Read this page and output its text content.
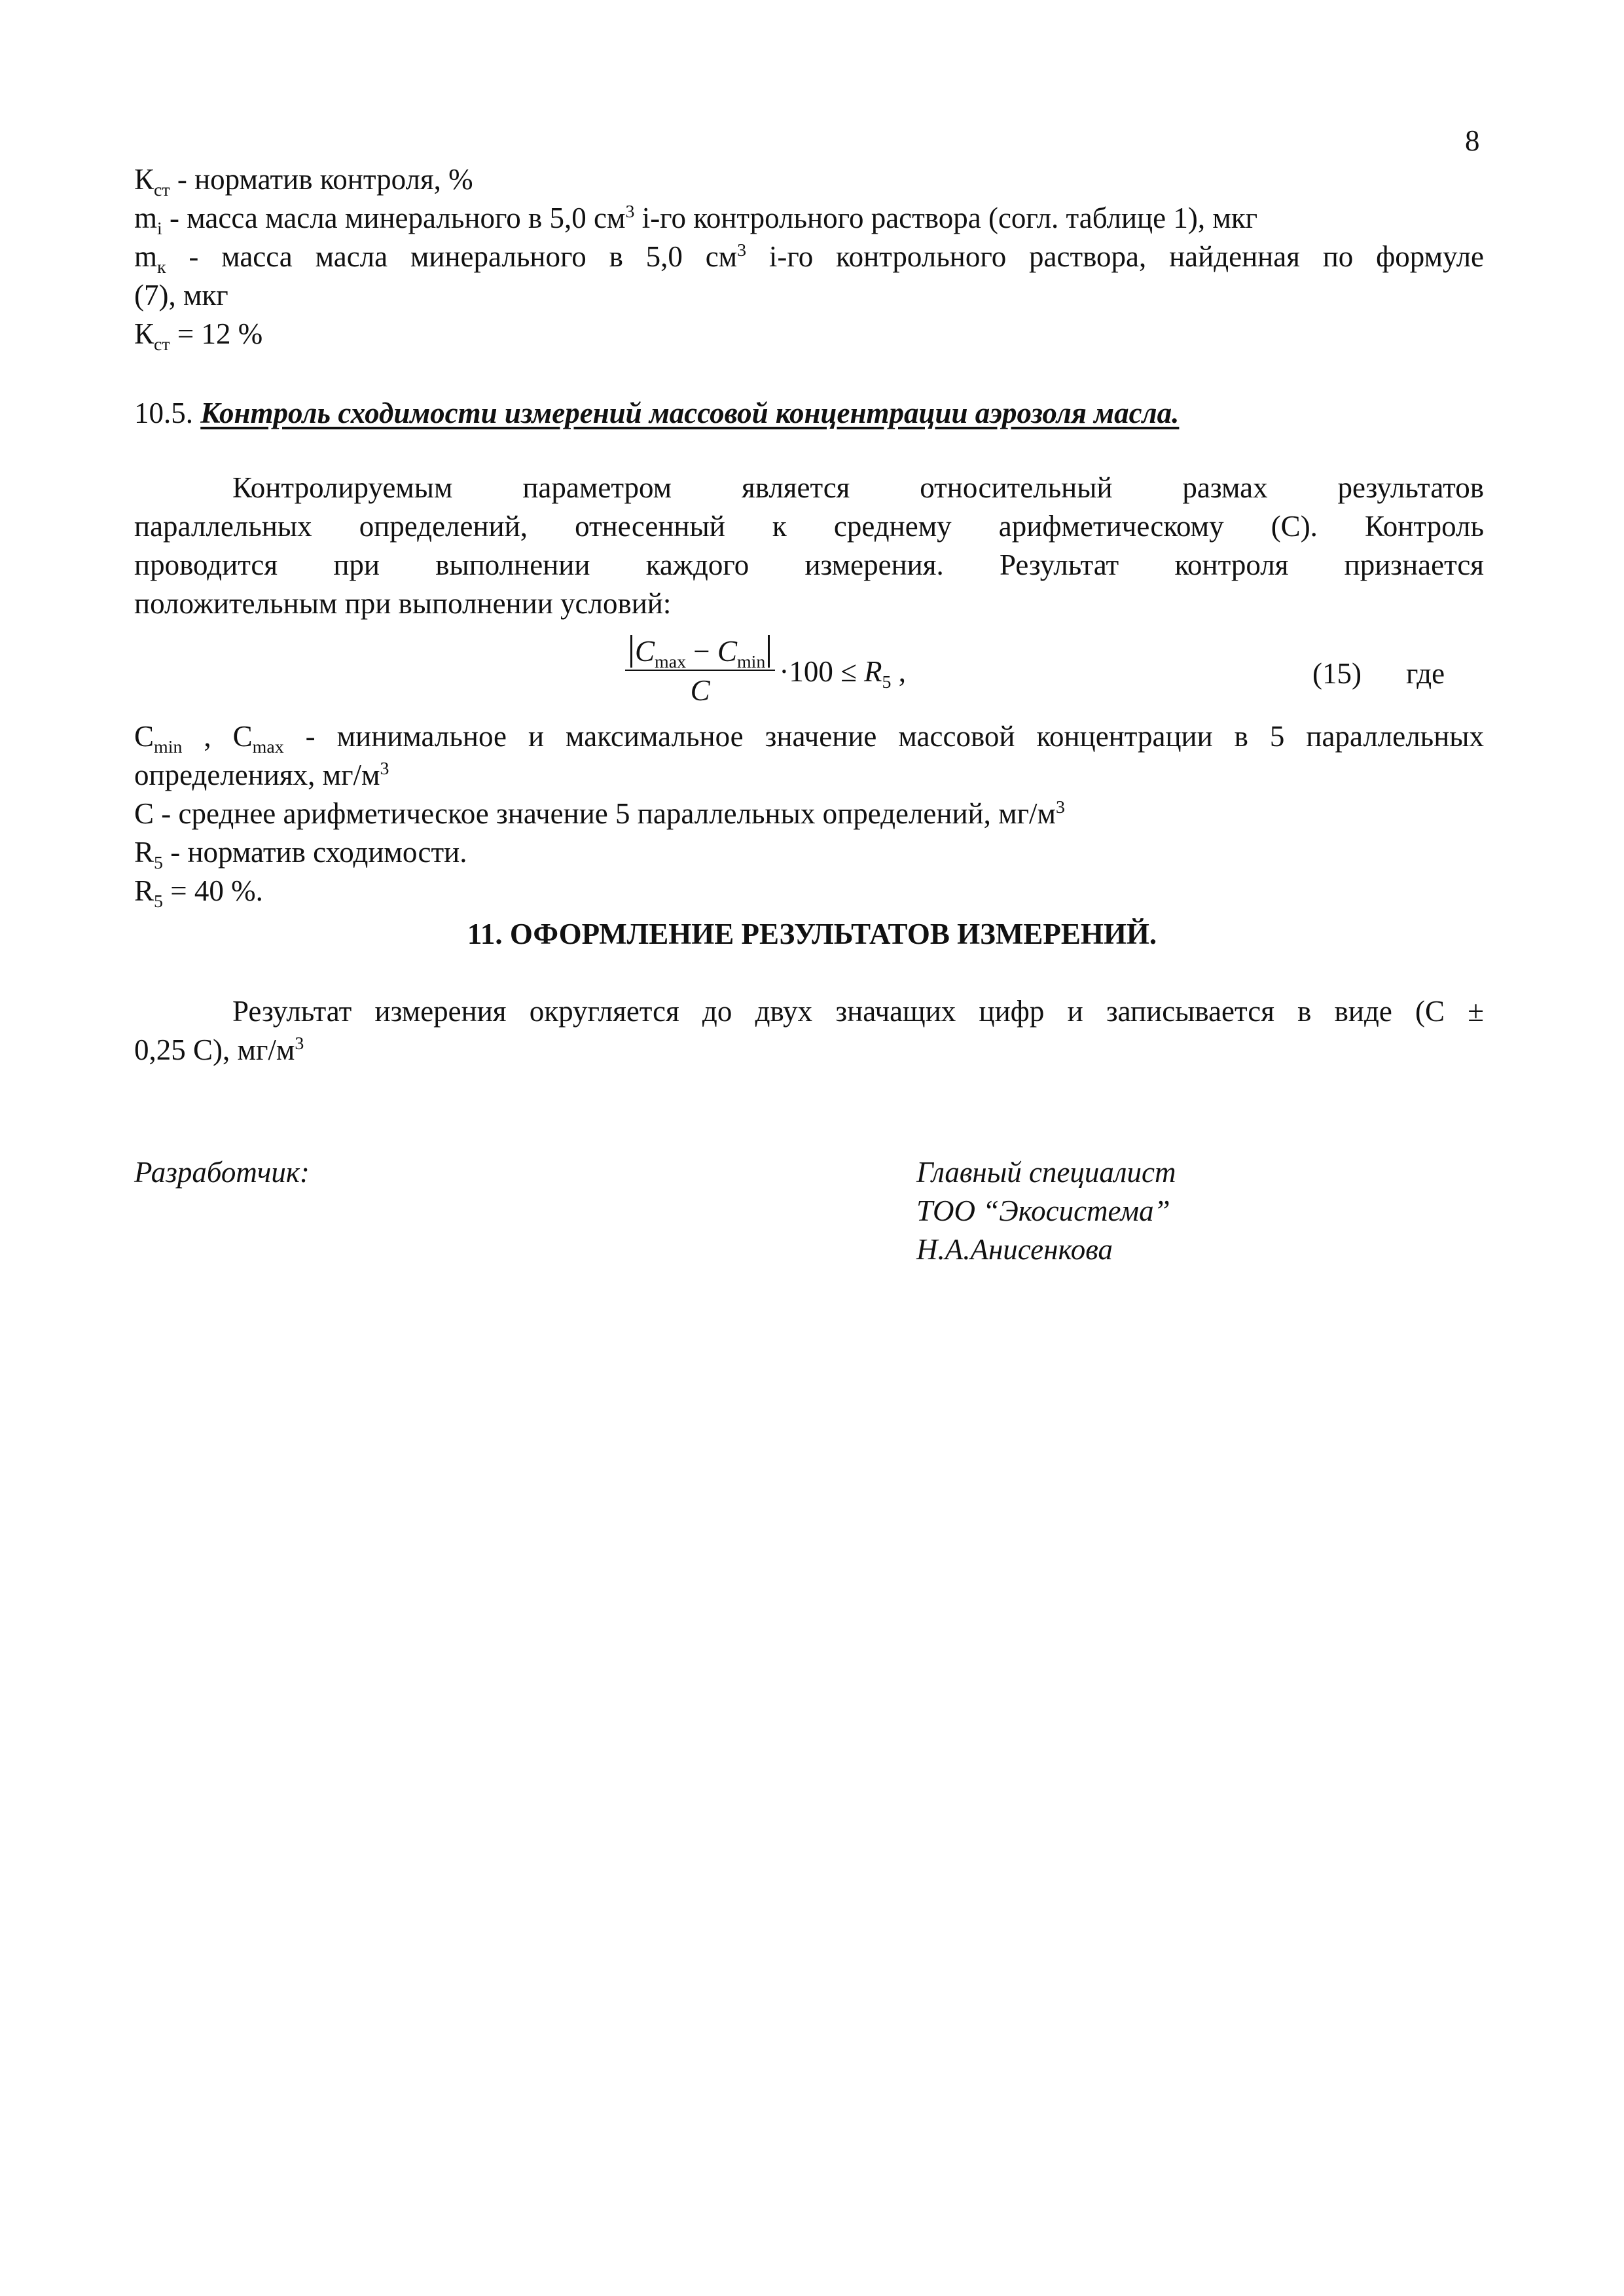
8
$К_{ст}$ - норматив контроля, %
$m_i$ - масса масла минерального в 5,0 $см^3$ i-го контрольного раствора (согл. таблице 1), мкг
$m_к$ - масса масла минерального в 5,0 $см^3$ i-го контрольного раствора, найденная по формуле
(7), мкг
$К_{ст} = 12$ %
10.5. Контроль сходимости измерений массовой концентрации аэрозоля масла.
Контролируемым параметром является относительный размах результатов
параллельных определений, отнесенный к среднему арифметическому (С). Контроль
проводится при выполнении каждого измерения. Результат контроля признается
положительным при выполнении условий:
$\frac{C_{max} - C_{min}}{C} \cdot 100 \le R_5$ ,	(15) где
$C_{min}$ , $C_{max}$ - минимальное и максимальное значение массовой концентрации в 5 параллельных
определениях, $мг/м^3$
С - среднее арифметическое значение 5 параллельных определений, $мг/м^3$
$R_5$ - норматив сходимости.
$R_5 = 40$ %.
11. ОФОРМЛЕНИЕ РЕЗУЛЬТАТОВ ИЗМЕРЕНИЙ.
Результат измерения округляется до двух значащих цифр и записывается в виде (С ±
0,25 С), $мг/м^3$
Разработчик:	Главный специалист
ТОО “Экосистема”
Н.А.Анисенкова
